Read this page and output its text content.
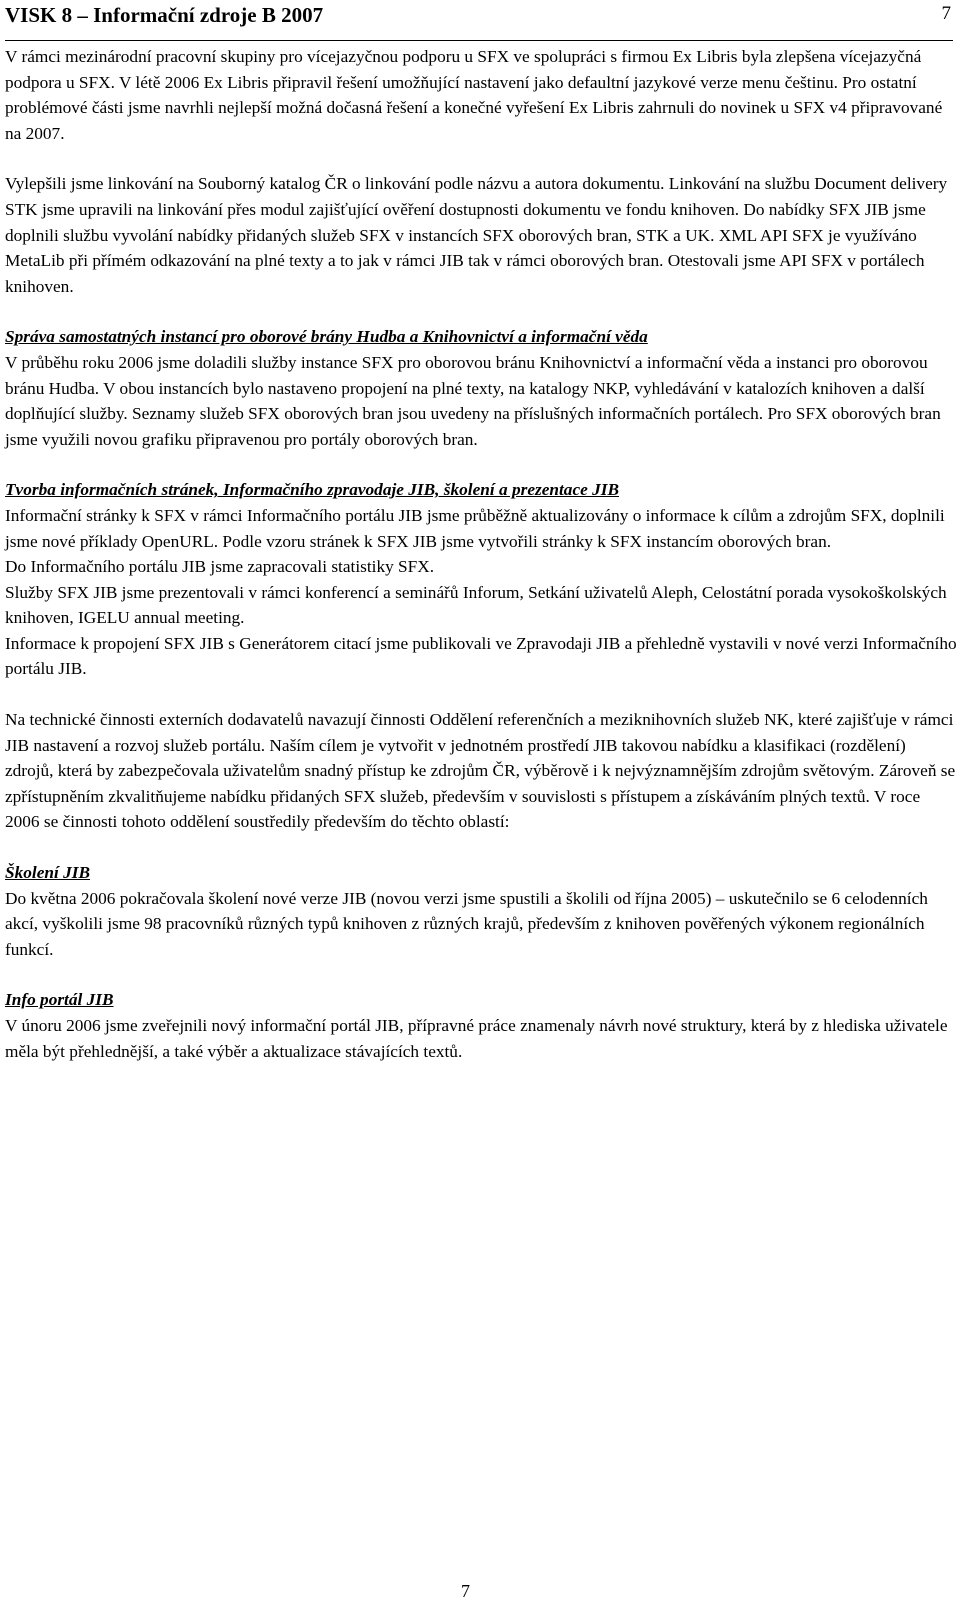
VISK 8 – Informační zdroje B 2007	7

V rámci mezinárodní pracovní skupiny pro vícejazyčnou podporu u SFX ve spolupráci s firmou Ex Libris byla zlepšena vícejazyčná podpora u SFX. V létě 2006 Ex Libris připravil řešení umožňující nastavení jako defaultní jazykové verze menu češtinu. Pro ostatní problémové části jsme navrhli nejlepší možná dočasná řešení a konečné vyřešení Ex Libris zahrnuli do novinek u SFX v4 připravované na 2007.

Vylepšili jsme linkování na Souborný katalog ČR o linkování podle názvu a autora dokumentu. Linkování na službu Document delivery STK jsme upravili na linkování přes modul zajišťující ověření dostupnosti dokumentu ve fondu knihoven. Do nabídky SFX JIB jsme doplnili službu vyvolání nabídky přidaných služeb SFX v instancích SFX oborových bran, STK a UK. XML API SFX je využíváno MetaLib při přímém odkazování na plné texty a to jak v rámci JIB tak v rámci oborových bran. Otestovali jsme API SFX v portálech knihoven.

Správa samostatných instancí pro oborové brány Hudba a Knihovnictví a informační věda
V průběhu roku 2006 jsme doladili služby instance SFX pro oborovou bránu Knihovnictví a informační věda a instanci pro oborovou bránu Hudba. V obou instancích bylo nastaveno propojení na plné texty, na katalogy NKP, vyhledávání v katalozích knihoven a další doplňující služby. Seznamy služeb SFX oborových bran jsou uvedeny na příslušných informačních portálech. Pro SFX oborových bran jsme využili novou grafiku připravenou pro portály oborových bran.
Tvorba informačních stránek, Informačního zpravodaje JIB, školení a prezentace JIB
Informační stránky k SFX v rámci Informačního portálu JIB jsme průběžně aktualizovány o informace k cílům a zdrojům SFX, doplnili jsme nové příklady OpenURL. Podle vzoru stránek k SFX JIB jsme vytvořili stránky k SFX instancím oborových bran.
Do Informačního portálu JIB jsme zapracovali statistiky SFX.
Služby SFX JIB jsme prezentovali v rámci konferencí a seminářů Inforum, Setkání uživatelů Aleph, Celostátní porada vysokoškolských knihoven, IGELU annual meeting.
Informace k propojení SFX JIB s Generátorem citací jsme publikovali ve Zpravodaji JIB a přehledně vystavili v nové verzi Informačního portálu JIB.

Na technické činnosti externích dodavatelů navazují činnosti Oddělení referenčních a meziknihovních služeb NK, které zajišťuje v rámci JIB nastavení a rozvoj služeb portálu. Naším cílem je vytvořit v jednotném prostředí JIB takovou nabídku a klasifikaci (rozdělení) zdrojů, která by zabezpečovala uživatelům snadný přístup ke zdrojům ČR, výběrově i k nejvýznamnějším zdrojům světovým. Zároveň se zpřístupněním zkvalitňujeme nabídku přidaných SFX služeb, především v souvislosti s přístupem a získáváním plných textů. V roce 2006 se činnosti tohoto oddělení soustředily především do těchto oblastí:

Školení JIB
Do května 2006 pokračovala školení nové verze JIB (novou verzi jsme spustili a školili od října 2005) – uskutečnilo se 6 celodenních akcí, vyškolili jsme 98 pracovníků různých typů knihoven z různých krajů, především z knihoven pověřených výkonem regionálních funkcí.
Info portál JIB
V únoru 2006 jsme zveřejnili nový informační portál JIB, přípravné práce znamenaly návrh nové struktury, která by z hlediska uživatele měla být přehlednější, a také výběr a aktualizace stávajících textů.
7
